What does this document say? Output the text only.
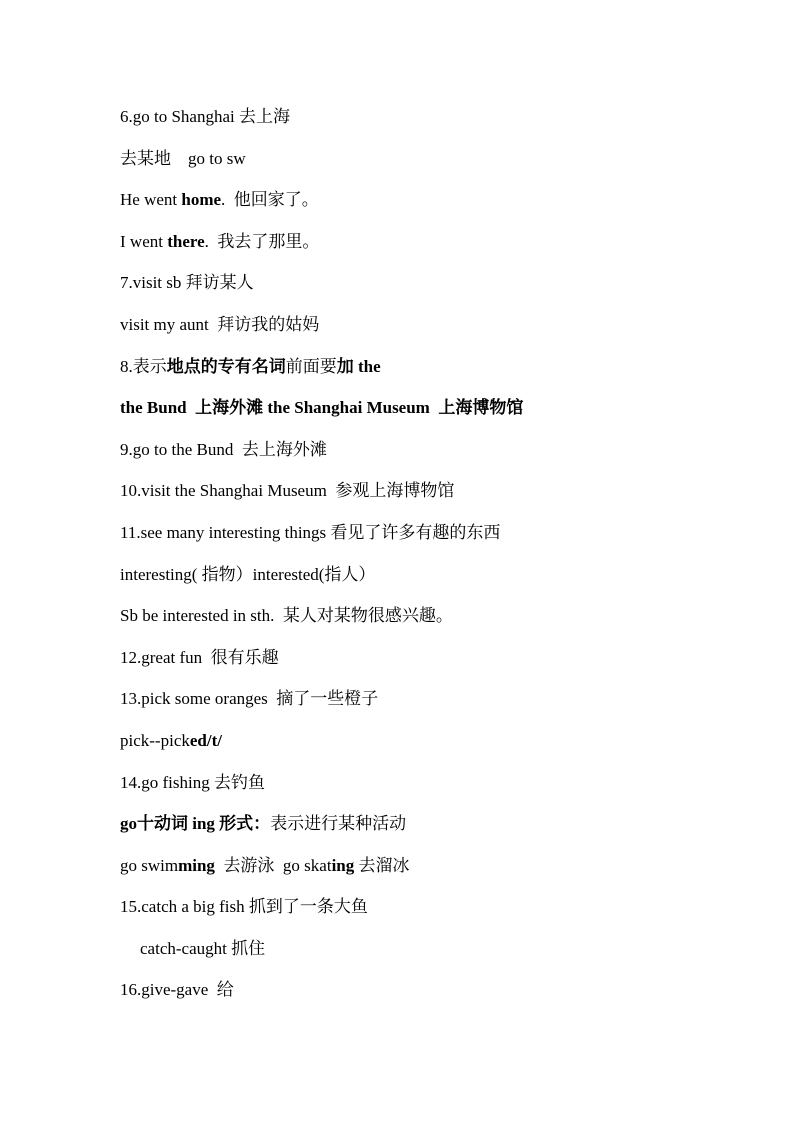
6.go to Shanghai 去上海
去某地    go to sw
He went home.  他回家了。
I went there.  我去了那里。
7.visit sb 拜访某人
visit my aunt  拜访我的姑妈
8.表示地点的专有名词前面要加 the
the Bund  上海外滩 the Shanghai Museum  上海博物馆
9.go to the Bund  去上海外滩
10.visit the Shanghai Museum  参观上海博物馆
11.see many interesting things 看见了许多有趣的东西
interesting( 指物）interested(指人）
Sb be interested in sth.  某人对某物很感兴趣。
12.great fun  很有乐趣
13.pick some oranges  摘了一些橙子
pick--picked/t/
14.go fishing 去钓鱼
go十动词 ing 形式：表示进行某种活动
go swimming  去游泳  go skating 去溜冰
15.catch a big fish 抓到了一条大鱼
catch-caught 抓住
16.give-gave  给
